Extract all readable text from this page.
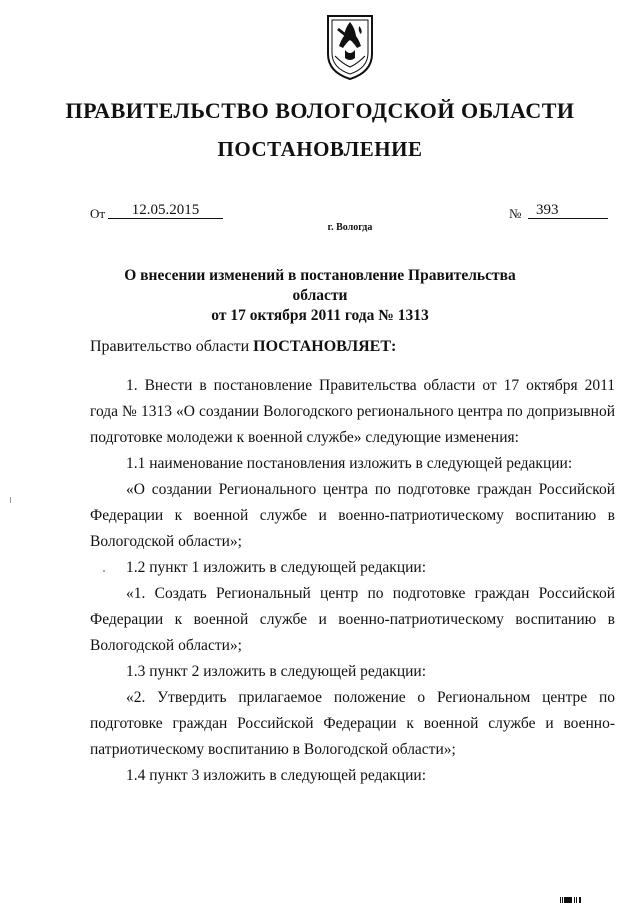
ПРАВИТЕЛЬСТВО ВОЛОГОДСКОЙ ОБЛАСТИ
ПОСТАНОВЛЕНИЕ
От	12.05.2015	№ 393
г. Вологда
О внесении изменений в постановление Правительства области
от 17 октября 2011 года № 1313
Правительство области ПОСТАНОВЛЯЕТ:

1. Внести в постановление Правительства области от 17 октября 2011 года № 1313 «О создании Вологодского регионального центра по допризывной подготовке молодежи к военной службе» следующие изменения:

1.1 наименование постановления изложить в следующей редакции:

«О создании Регионального центра по подготовке граждан Российской Федерации к военной службе и военно-патриотическому воспитанию в Вологодской области»;

1.2 пункт 1 изложить в следующей редакции:

«1. Создать Региональный центр по подготовке граждан Российской Федерации к военной службе и военно-патриотическому воспитанию в Вологодской области»;

1.3 пункт 2 изложить в следующей редакции:

«2. Утвердить прилагаемое положение о Региональном центре по подготовке граждан Российской Федерации к военной службе и военно-патриотическому воспитанию в Вологодской области»;

1.4 пункт 3 изложить в следующей редакции:
